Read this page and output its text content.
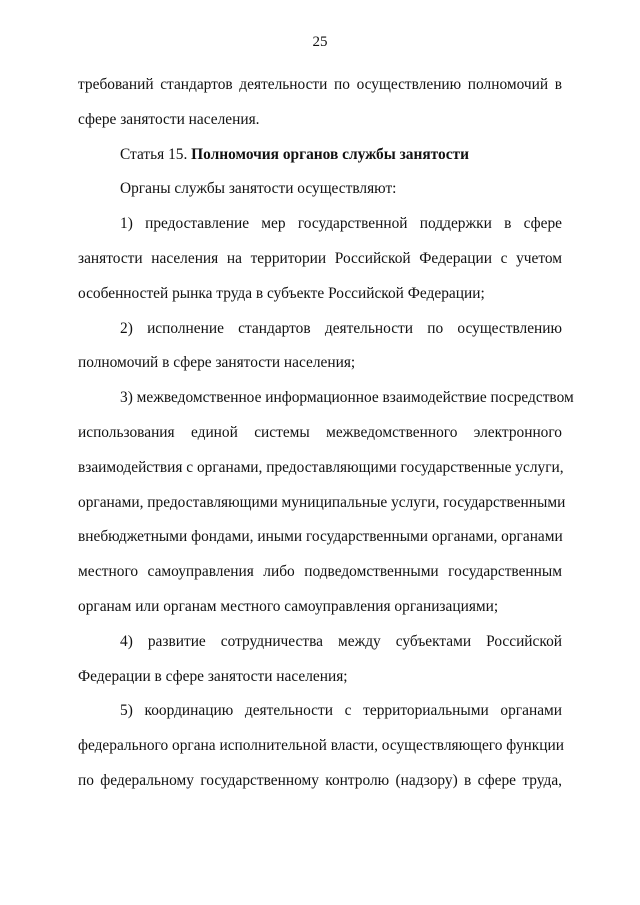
25
требований стандартов деятельности по осуществлению полномочий в
сфере занятости населения.
Статья 15. Полномочия органов службы занятости
Органы службы занятости осуществляют:
1) предоставление мер государственной поддержки в сфере
занятости населения на территории Российской Федерации с учетом
особенностей рынка труда в субъекте Российской Федерации;
2) исполнение стандартов деятельности по осуществлению
полномочий в сфере занятости населения;
3) межведомственное информационное взаимодействие посредством
использования единой системы межведомственного электронного
взаимодействия с органами, предоставляющими государственные услуги,
органами, предоставляющими муниципальные услуги, государственными
внебюджетными фондами, иными государственными органами, органами
местного самоуправления либо подведомственными государственным
органам или органам местного самоуправления организациями;
4) развитие сотрудничества между субъектами Российской
Федерации в сфере занятости населения;
5) координацию деятельности с территориальными органами
федерального органа исполнительной власти, осуществляющего функции
по федеральному государственному контролю (надзору) в сфере труда,
